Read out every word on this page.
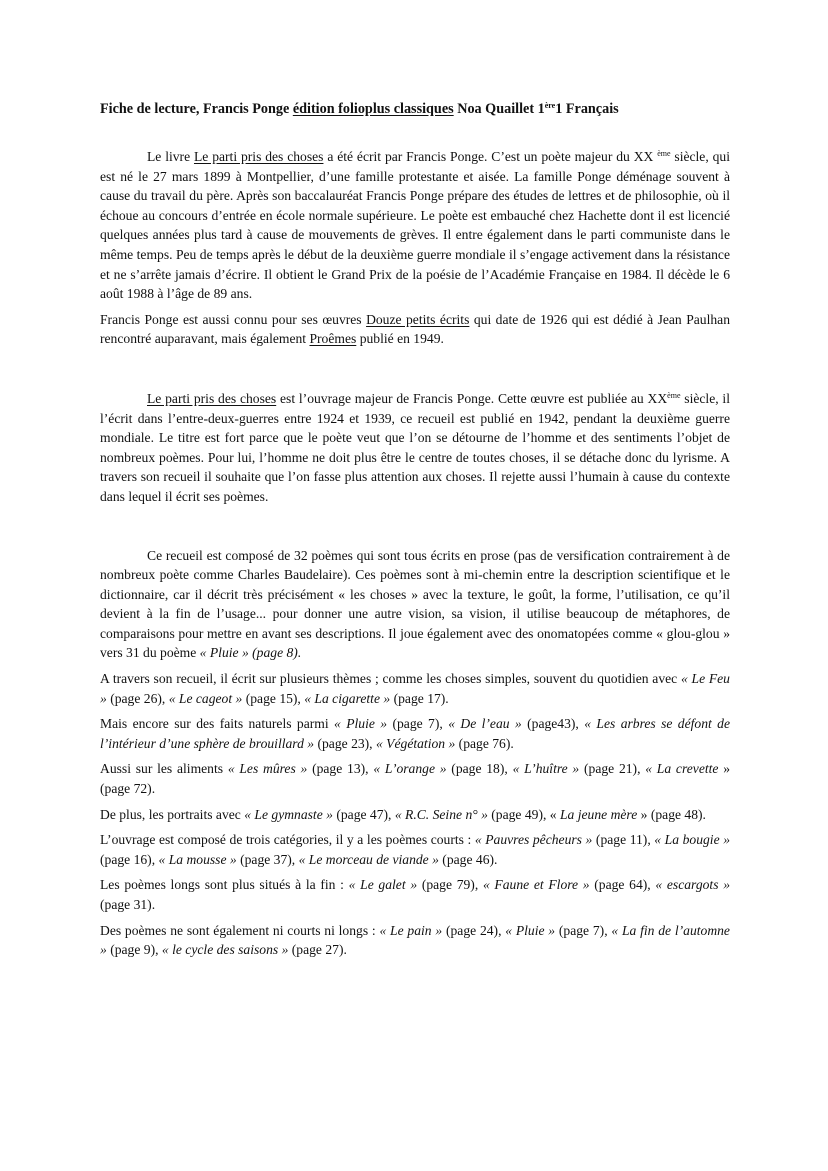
Fiche de lecture, Francis Ponge édition folioplus classiques Noa Quaillet 1ère1 Français

Le livre Le parti pris des choses a été écrit par Francis Ponge. C’est un poète majeur du XX $^{ème}$ siècle, qui est né le 27 mars 1899 à Montpellier, d’une famille protestante et aisée. La famille Ponge déménage souvent à cause du travail du père. Après son baccalauréat Francis Ponge prépare des études de lettres et de philosophie, où il échoue au concours d’entrée en école normale supérieure. Le poète est embauché chez Hachette dont il est licencié quelques années plus tard à cause de mouvements de grèves. Il entre également dans le parti communiste dans le même temps. Peu de temps après le début de la deuxième guerre mondiale il s’engage activement dans la résistance et ne s’arrête jamais d’écrire. Il obtient le Grand Prix de la poésie de l’Académie Française en 1984. Il décède le 6 août 1988 à l’âge de 89 ans.

Francis Ponge est aussi connu pour ses œuvres Douze petits écrits qui date de 1926 qui est dédié à Jean Paulhan rencontré auparavant, mais également Proêmes publié en 1949.

Le parti pris des choses est l’ouvrage majeur de Francis Ponge. Cette œuvre est publiée au XXème siècle, il l’écrit dans l’entre-deux-guerres entre 1924 et 1939, ce recueil est publié en 1942, pendant la deuxième guerre mondiale. Le titre est fort parce que le poète veut que l’on se détourne de l’homme et des sentiments l’objet de nombreux poèmes. Pour lui, l’homme ne doit plus être le centre de toutes choses, il se détache donc du lyrisme. A travers son recueil il souhaite que l’on fasse plus attention aux choses. Il rejette aussi l’humain à cause du contexte dans lequel il écrit ses poèmes.

Ce recueil est composé de 32 poèmes qui sont tous écrits en prose (pas de versification contrairement à de nombreux poète comme Charles Baudelaire). Ces poèmes sont à mi-chemin entre la description scientifique et le dictionnaire, car il décrit très précisément « les choses » avec la texture, le goût, la forme, l’utilisation, ce qu’il devient à la fin de l’usage... pour donner une autre vision, sa vision, il utilise beaucoup de métaphores, de comparaisons pour mettre en avant ses descriptions. Il joue également avec des onomatopées comme « glou-glou » vers 31 du poème « Pluie » (page 8).

A travers son recueil, il écrit sur plusieurs thèmes ; comme les choses simples, souvent du quotidien avec « Le Feu » (page 26), « Le cageot » (page 15), « La cigarette » (page 17).

Mais encore sur des faits naturels parmi « Pluie » (page 7), « De l’eau » (page43), « Les arbres se défont de l’intérieur d’une sphère de brouillard » (page 23), « Végétation » (page 76).

Aussi sur les aliments « Les mûres » (page 13), « L’orange » (page 18), « L’huître » (page 21), « La crevette » (page 72).

De plus, les portraits avec « Le gymnaste » (page 47), « R.C. Seine n° » (page 49), « La jeune mère » (page 48).

L’ouvrage est composé de trois catégories, il y a les poèmes courts : « Pauvres pêcheurs » (page 11), « La bougie » (page 16), « La mousse » (page 37), « Le morceau de viande » (page 46).

Les poèmes longs sont plus situés à la fin : « Le galet » (page 79), « Faune et Flore » (page 64), « escargots » (page 31).

Des poèmes ne sont également ni courts ni longs : « Le pain » (page 24), « Pluie » (page 7), « La fin de l’automne » (page 9), « le cycle des saisons » (page 27).
